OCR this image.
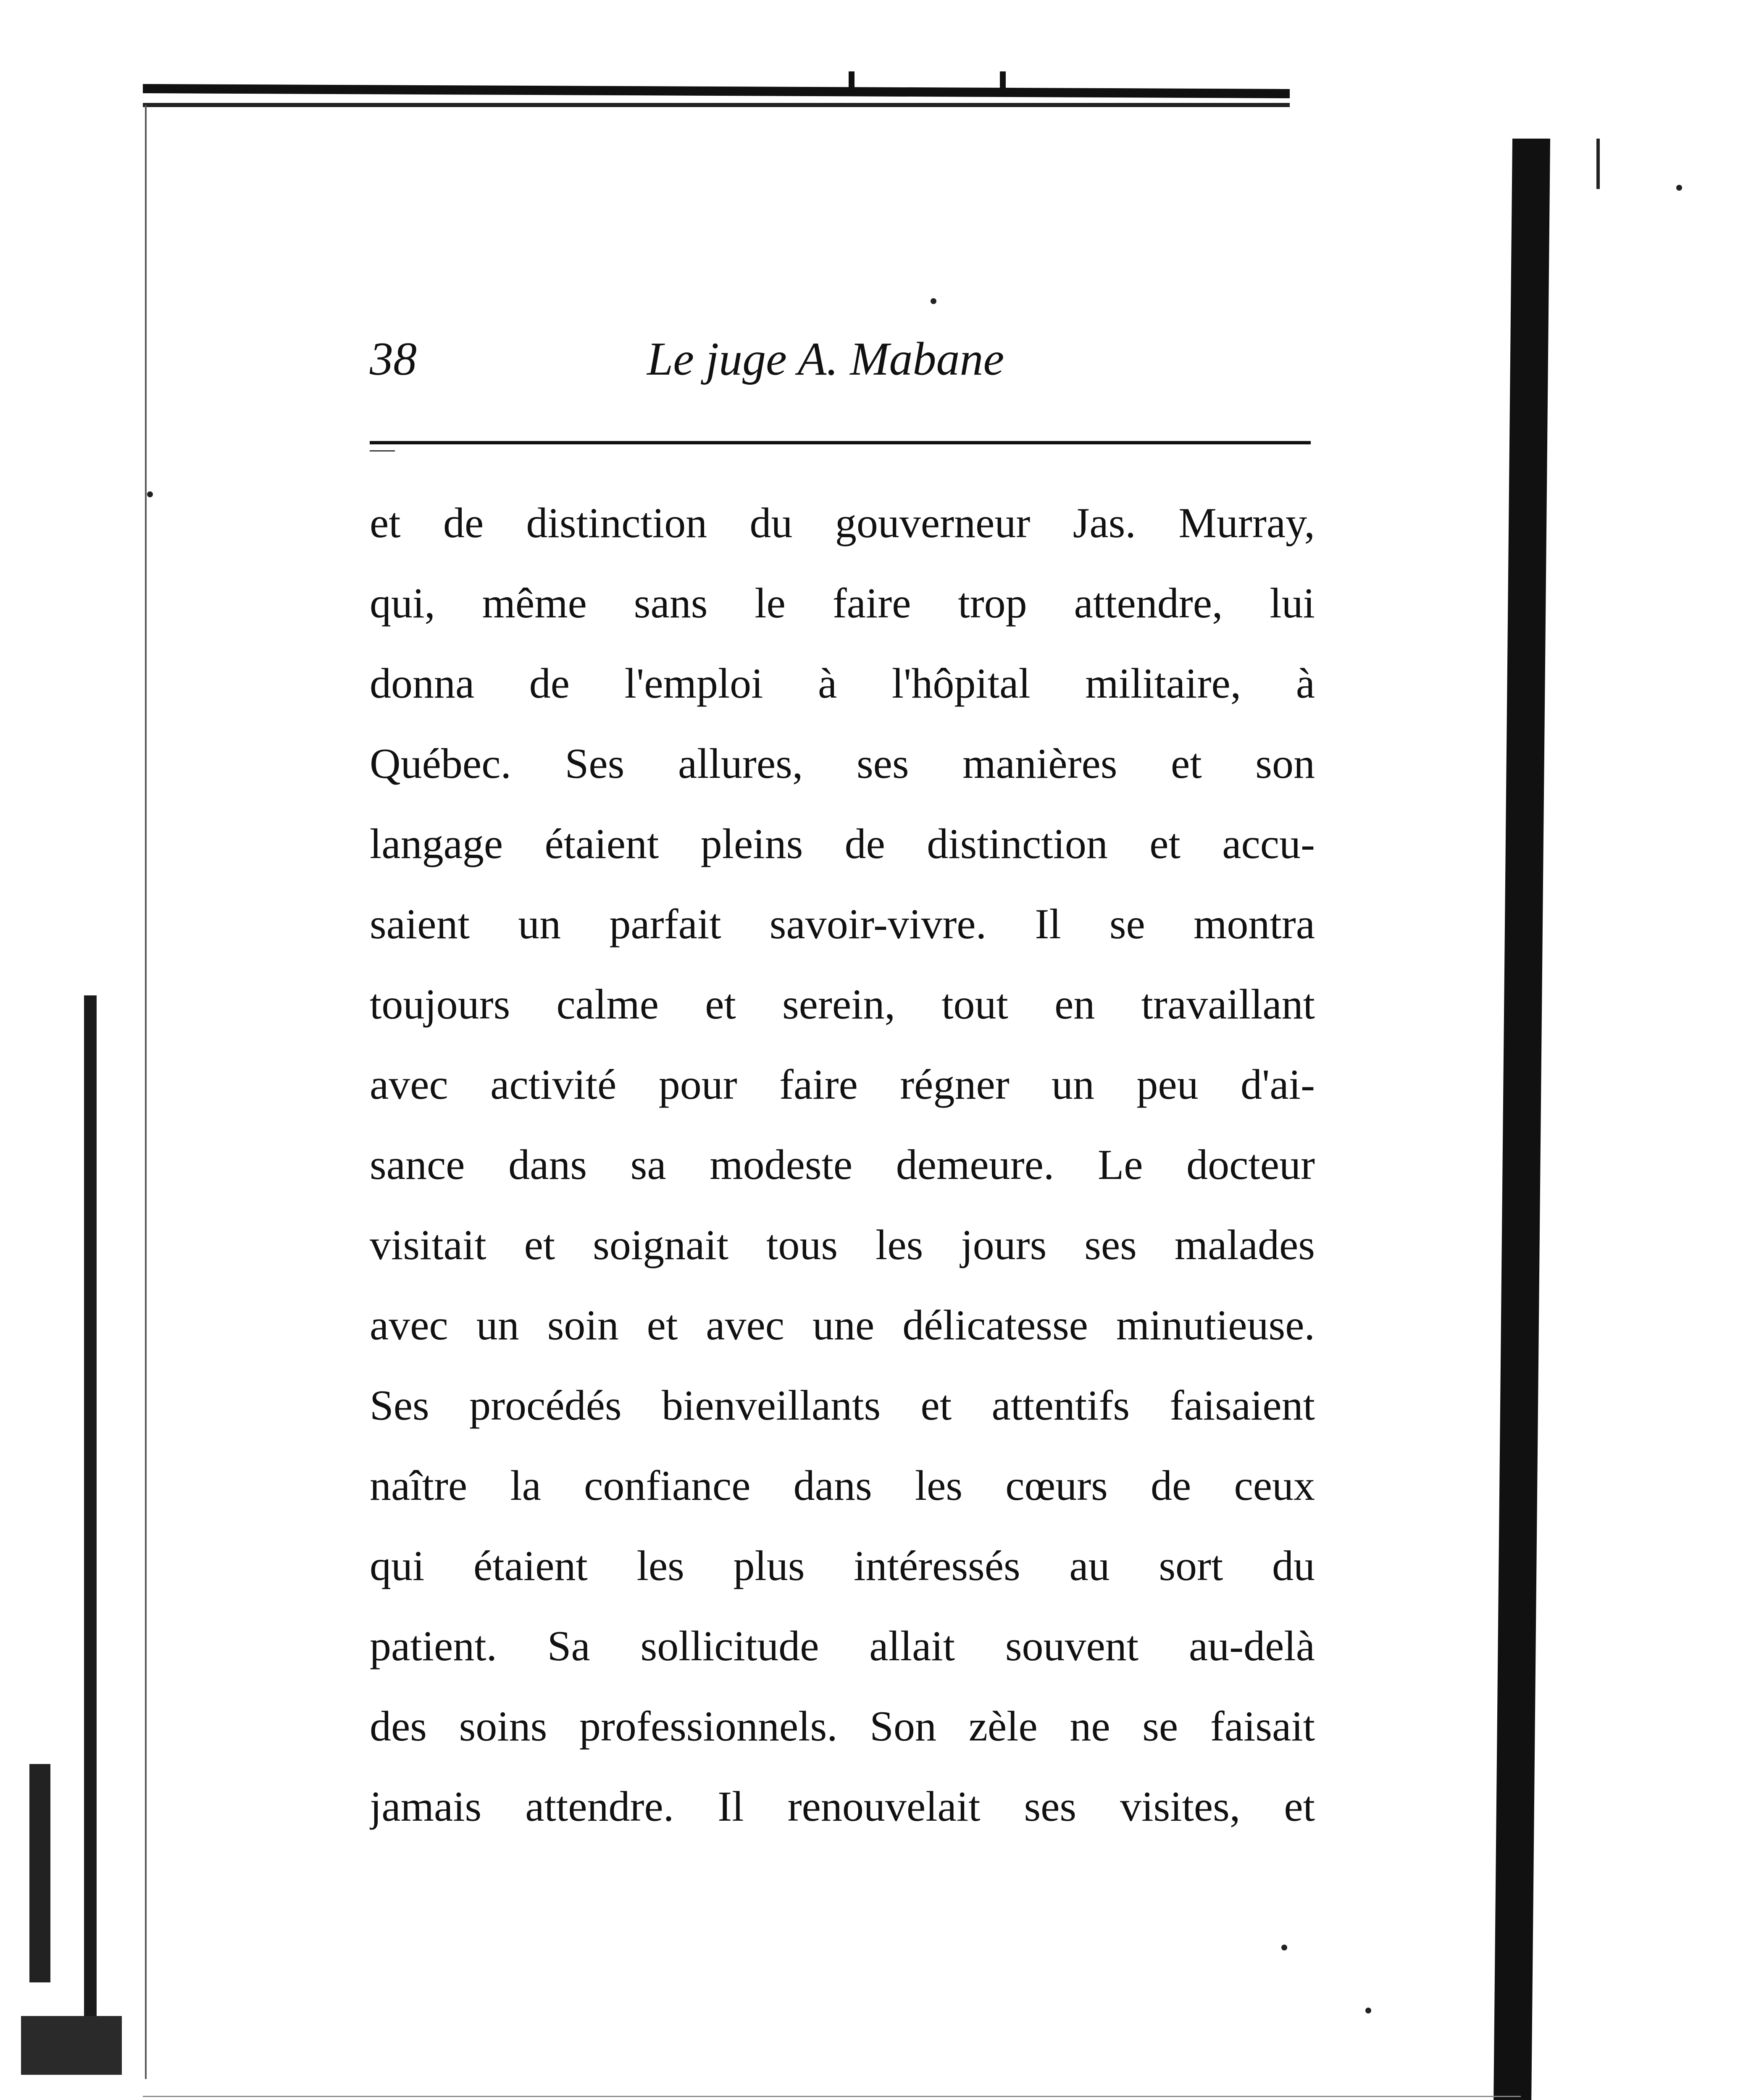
38	Le juge A. Mabane
et de distinction du gouverneur Jas. Murray,
qui, même sans le faire trop attendre, lui
donna de l'emploi à l'hôpital militaire, à
Québec. Ses allures, ses manières et son
langage étaient pleins de distinction et accu-
saient un parfait savoir-vivre. Il se montra
toujours calme et serein, tout en travaillant
avec activité pour faire régner un peu d'ai-
sance dans sa modeste demeure. Le docteur
visitait et soignait tous les jours ses malades
avec un soin et avec une délicatesse minutieuse.
Ses procédés bienveillants et attentifs faisaient
naître la confiance dans les cœurs de ceux
qui étaient les plus intéressés au sort du
patient. Sa sollicitude allait souvent au-delà
des soins professionnels. Son zèle ne se faisait
jamais attendre. Il renouvelait ses visites, et
